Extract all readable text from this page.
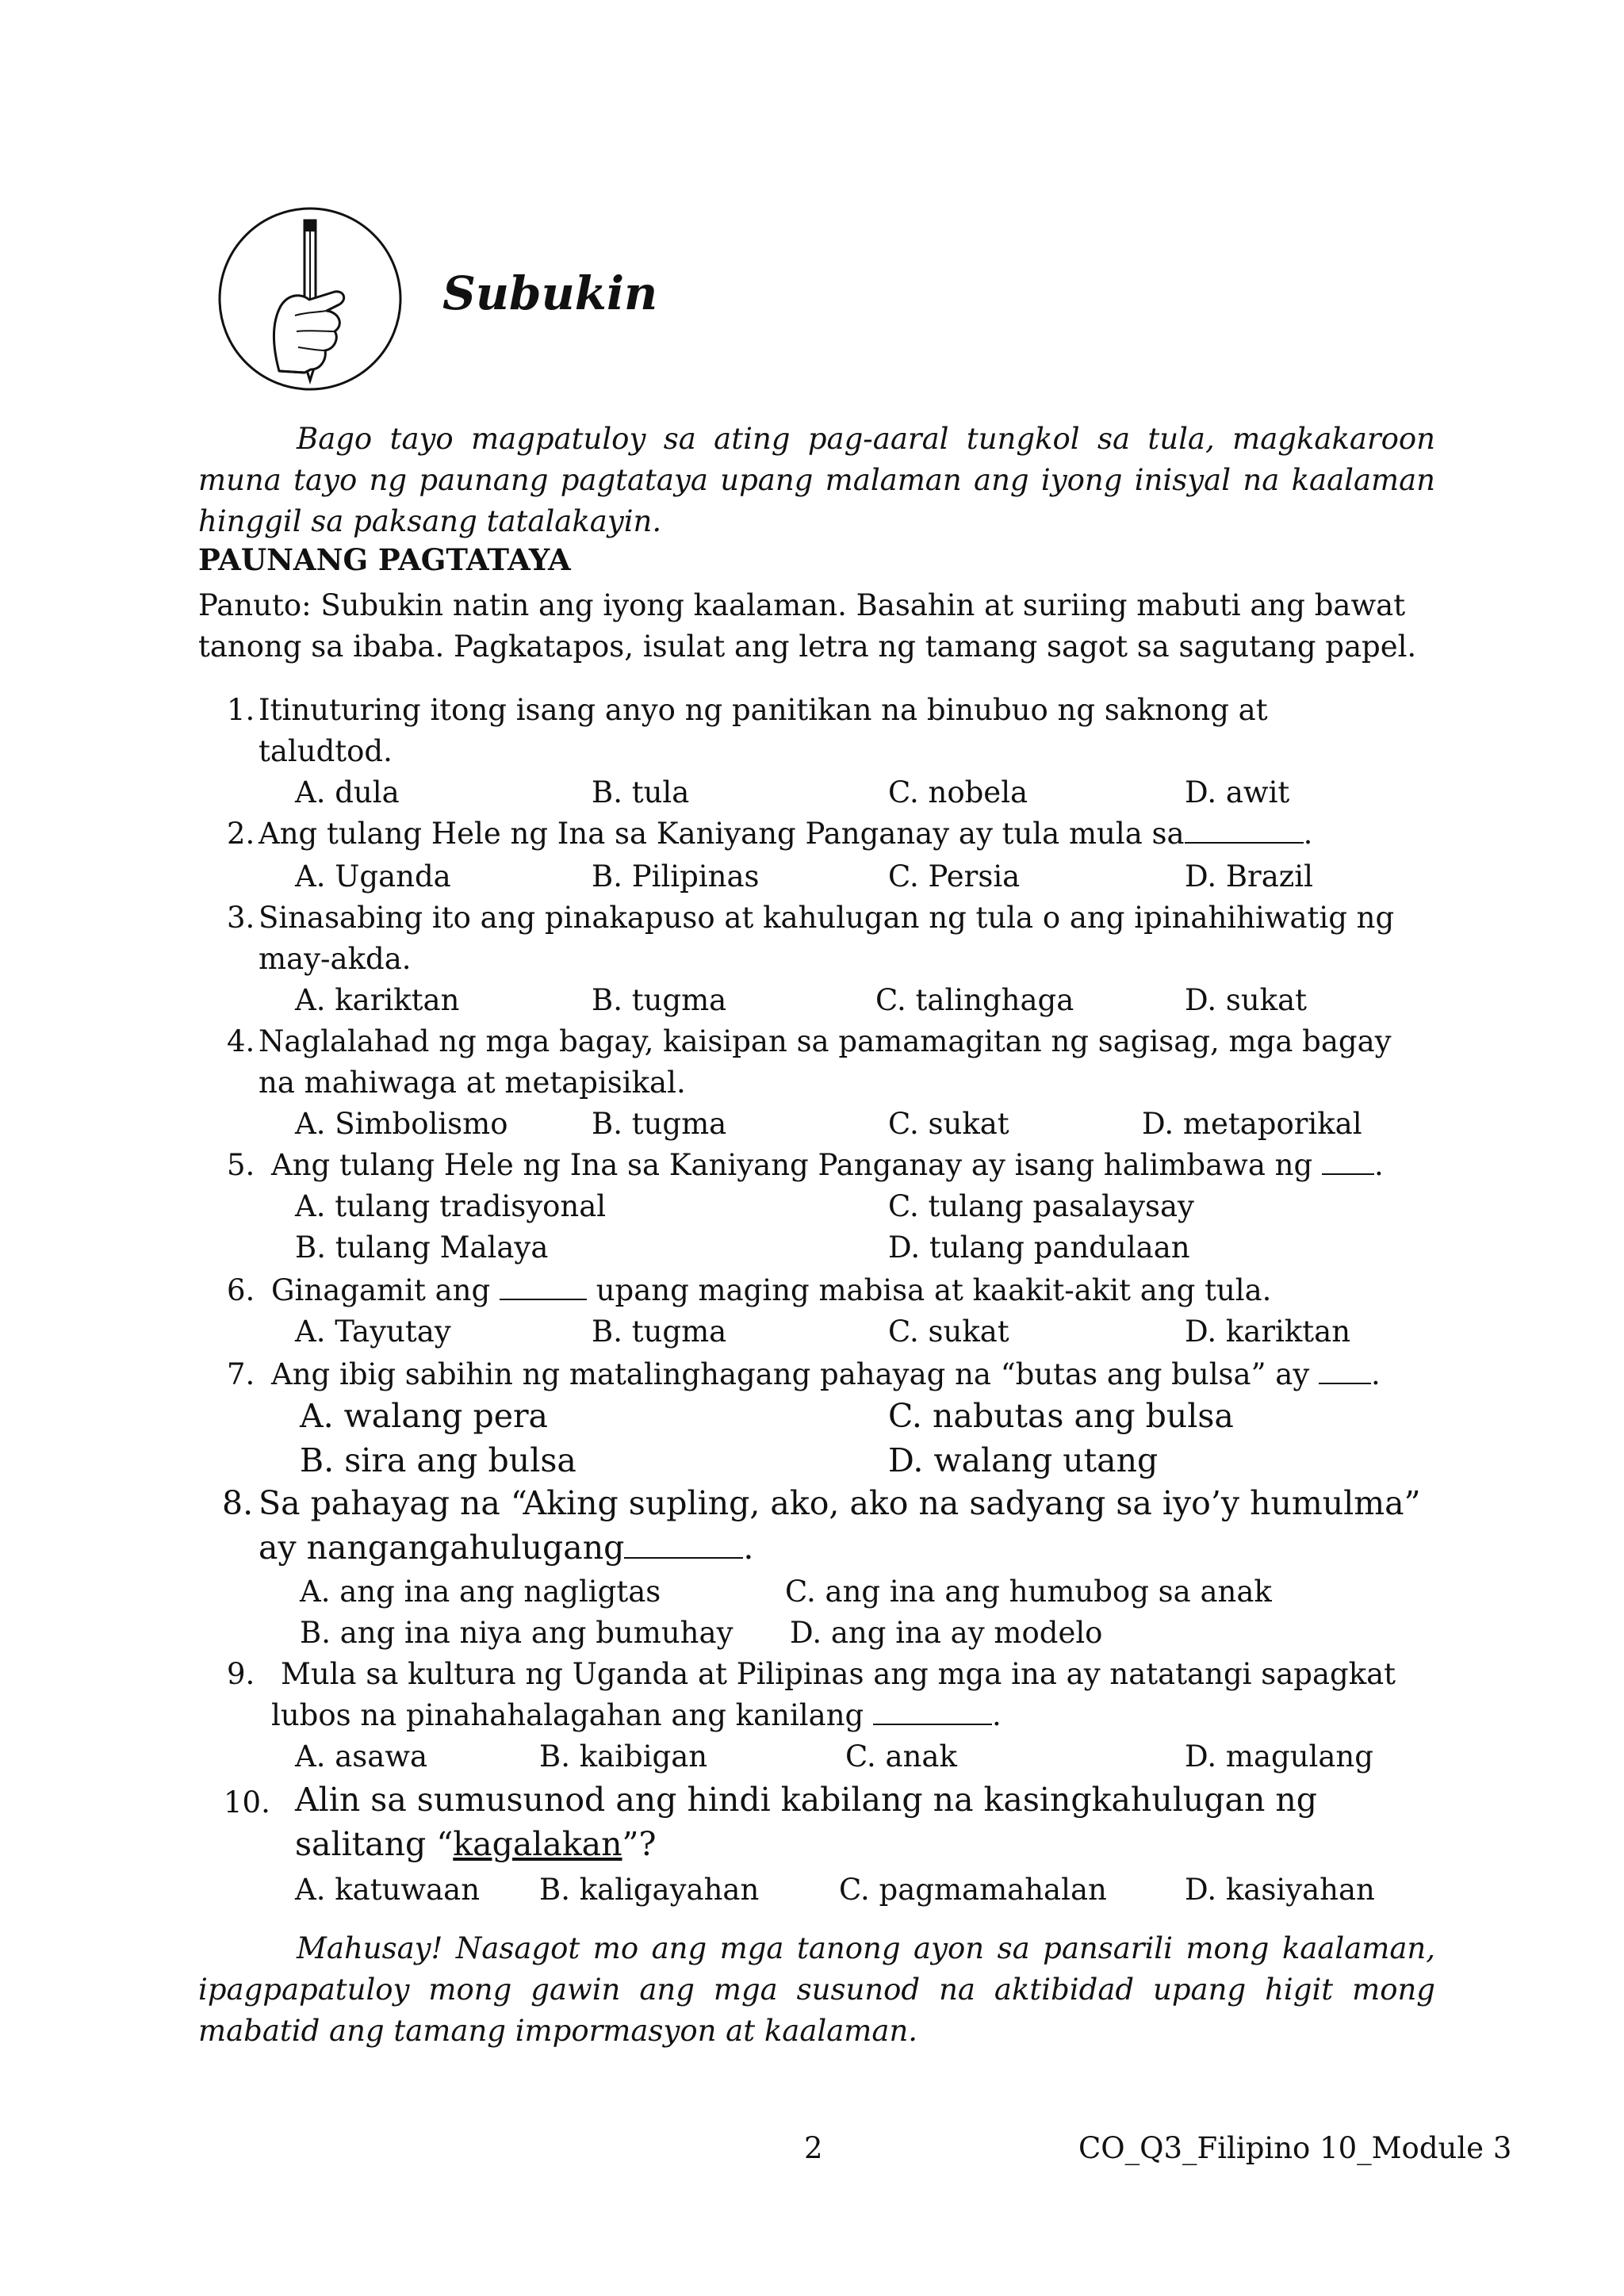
Subukin

Bago tayo magpatuloy sa ating pag-aaral tungkol sa tula, magkakaroon muna tayo ng paunang pagtataya upang malaman ang iyong inisyal na kaalaman hinggil sa paksang tatalakayin.

PAUNANG PAGTATAYA

Panuto: Subukin natin ang iyong kaalaman. Basahin at suriing mabuti ang bawat tanong sa ibaba. Pagkatapos, isulat ang letra ng tamang sagot sa sagutang papel.

1. Itinuturing itong isang anyo ng panitikan na binubuo ng saknong at
taludtod.
A. dula	B. tula	C. nobela	D. awit
2. Ang tulang Hele ng Ina sa Kaniyang Panganay ay tula mula sa	.
A. Uganda	B. Pilipinas	C. Persia	D. Brazil
3. Sinasabing ito ang pinakapuso at kahulugan ng tula o ang ipinahihiwatig ng
may-akda.
A. kariktan	B. tugma	C. talinghaga	D. sukat
4. Naglalahad ng mga bagay, kaisipan sa pamamagitan ng sagisag, mga bagay
na mahiwaga at metapisikal.
A. Simbolismo	B. tugma	C. sukat	D. metaporikal
5. Ang tulang Hele ng Ina sa Kaniyang Panganay ay isang halimbawa ng .
A. tulang tradisyonal	C. tulang pasalaysay
B. tulang Malaya	D. tulang pandulaan
6. Ginagamit ang	upang maging mabisa at kaakit-akit ang tula.
A. Tayutay	B. tugma	C. sukat	D. kariktan
7. Ang ibig sabihin ng matalinghagang pahayag na “butas ang bulsa” ay .
A. walang pera	C. nabutas ang bulsa
B. sira ang bulsa	D. walang utang
8. Sa pahayag na “Aking supling, ako, ako na sadyang sa iyo’y humulma”
ay nangangahulugang	.
A. ang ina ang nagligtas	C. ang ina ang humubog sa anak
B. ang ina niya ang bumuhay D. ang ina ay modelo
9. Mula sa kultura ng Uganda at Pilipinas ang mga ina ay natatangi sapagkat
lubos na pinahahalagahan ang kanilang	.
A. asawa	B. kaibigan	C. anak	D. magulang
10. Alin sa sumusunod ang hindi kabilang na kasingkahulugan ng
salitang “kagalakan”?
A. katuwaan B. kaligayahan	C. pagmamahalan	D. kasiyahan

Mahusay! Nasagot mo ang mga tanong ayon sa pansarili mong kaalaman, ipagpapatuloy mong gawin ang mga susunod na aktibidad upang higit mong mabatid ang tamang impormasyon at kaalaman.

2	CO_Q3_Filipino 10_Module 3
